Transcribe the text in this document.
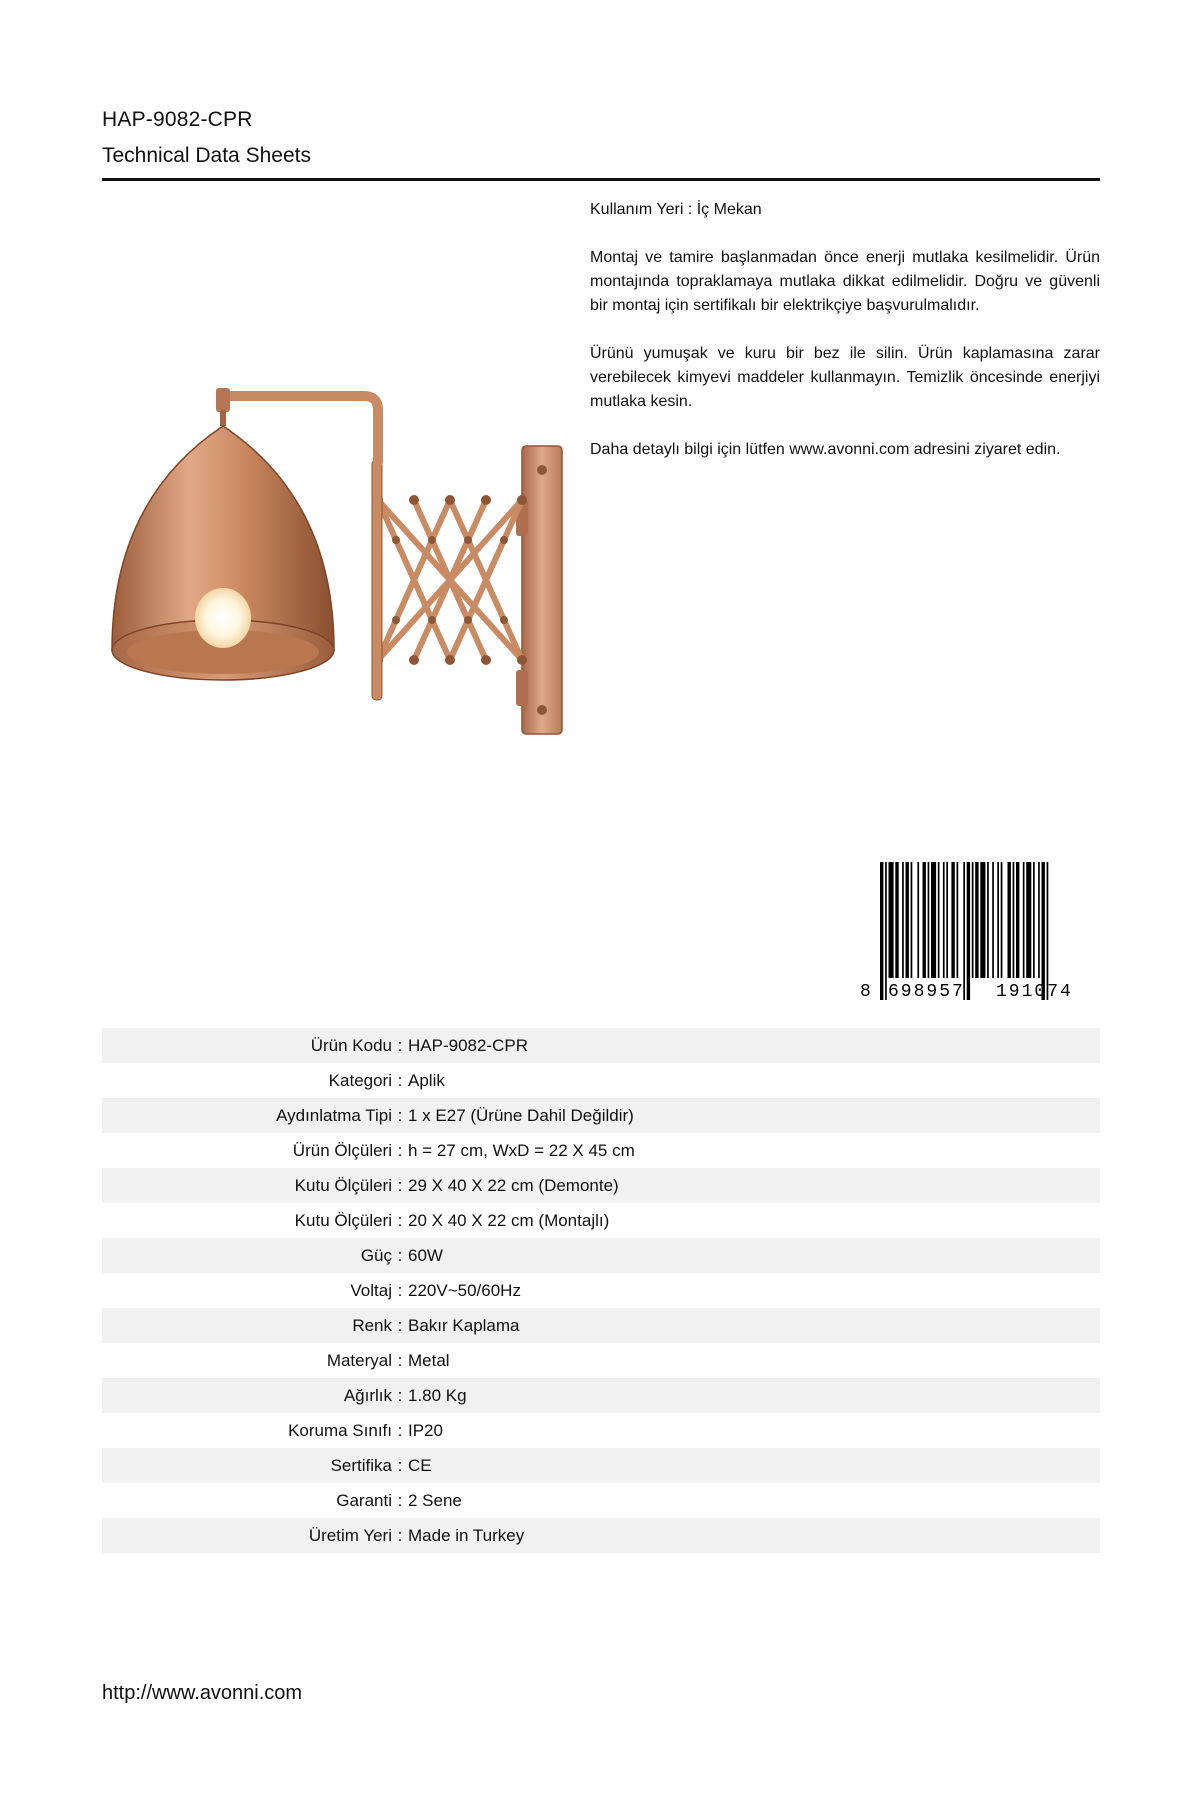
HAP-9082-CPR

Technical Data Sheets

Kullanım Yeri : İç Mekan

Montaj ve tamire başlanmadan önce enerji mutlaka kesilmelidir. Ürün montajında topraklamaya mutlaka dikkat edilmelidir. Doğru ve güvenli bir montaj için sertifikalı bir elektrikçiye başvurulmalıdır.

Ürünü yumuşak ve kuru bir bez ile silin. Ürün kaplamasına zarar verebilecek kimyevi maddeler kullanmayın. Temizlik öncesinde enerjiyi mutlaka kesin.

Daha detaylı bilgi için lütfen www.avonni.com adresini ziyaret edin.

8 698957 191074
Ürün Kodu : HAP-9082-CPR
Kategori : Aplik
Aydınlatma Tipi : 1 x E27 (Ürüne Dahil Değildir)
Ürün Ölçüleri : h = 27 cm, WxD = 22 X 45 cm
Kutu Ölçüleri : 29 X 40 X 22 cm (Demonte)
Kutu Ölçüleri : 20 X 40 X 22 cm (Montajlı)
Güç : 60W
Voltaj : 220V~50/60Hz
Renk : Bakır Kaplama
Materyal : Metal
Ağırlık : 1.80 Kg
Koruma Sınıfı : IP20
Sertifika : CE
Garanti : 2 Sene
Üretim Yeri : Made in Turkey
http://www.avonni.com
